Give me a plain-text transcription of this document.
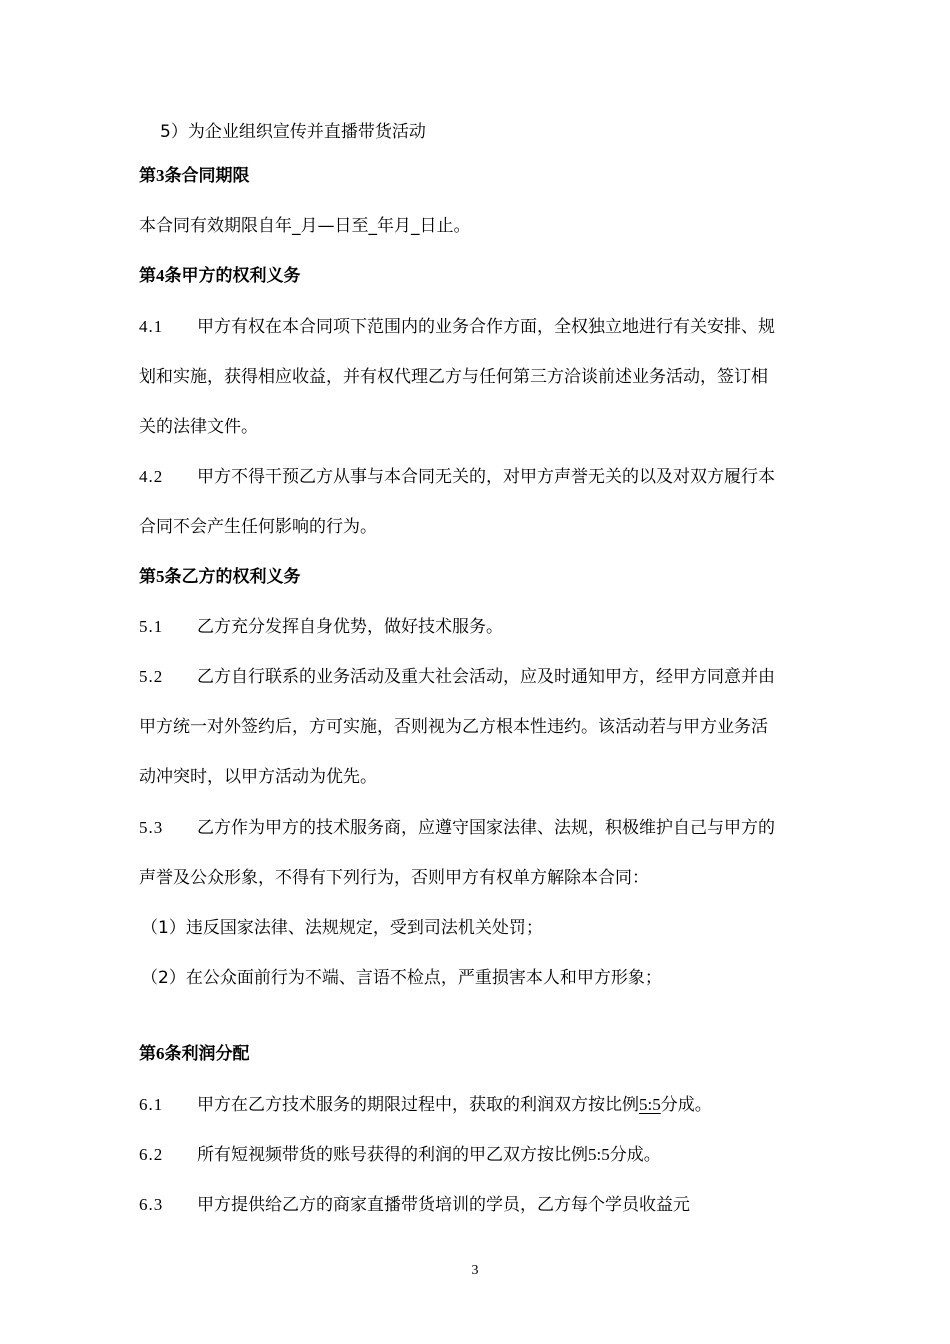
5）为企业组织宣传并直播带货活动
第3条合同期限
本合同有效期限自年_月—日至_年月_日止。
第4条甲方的权利义务
4.1 甲方有权在本合同项下范围内的业务合作方面，全权独立地进行有关安排、规
划和实施，获得相应收益，并有权代理乙方与任何第三方洽谈前述业务活动，签订相
关的法律文件。
4.2 甲方不得干预乙方从事与本合同无关的，对甲方声誉无关的以及对双方履行本
合同不会产生任何影响的行为。
第5条乙方的权利义务
5.1 乙方充分发挥自身优势，做好技术服务。
5.2 乙方自行联系的业务活动及重大社会活动，应及时通知甲方，经甲方同意并由
甲方统一对外签约后，方可实施，否则视为乙方根本性违约。该活动若与甲方业务活
动冲突时，以甲方活动为优先。
5.3 乙方作为甲方的技术服务商，应遵守国家法律、法规，积极维护自己与甲方的
声誉及公众形象，不得有下列行为，否则甲方有权单方解除本合同：
（1）违反国家法律、法规规定，受到司法机关处罚；
（2）在公众面前行为不端、言语不检点，严重损害本人和甲方形象；
第6条利润分配
6.1 甲方在乙方技术服务的期限过程中，获取的利润双方按比例5:5分成。
6.2 所有短视频带货的账号获得的利润的甲乙双方按比例5:5分成。
6.3 甲方提供给乙方的商家直播带货培训的学员，乙方每个学员收益元
3
